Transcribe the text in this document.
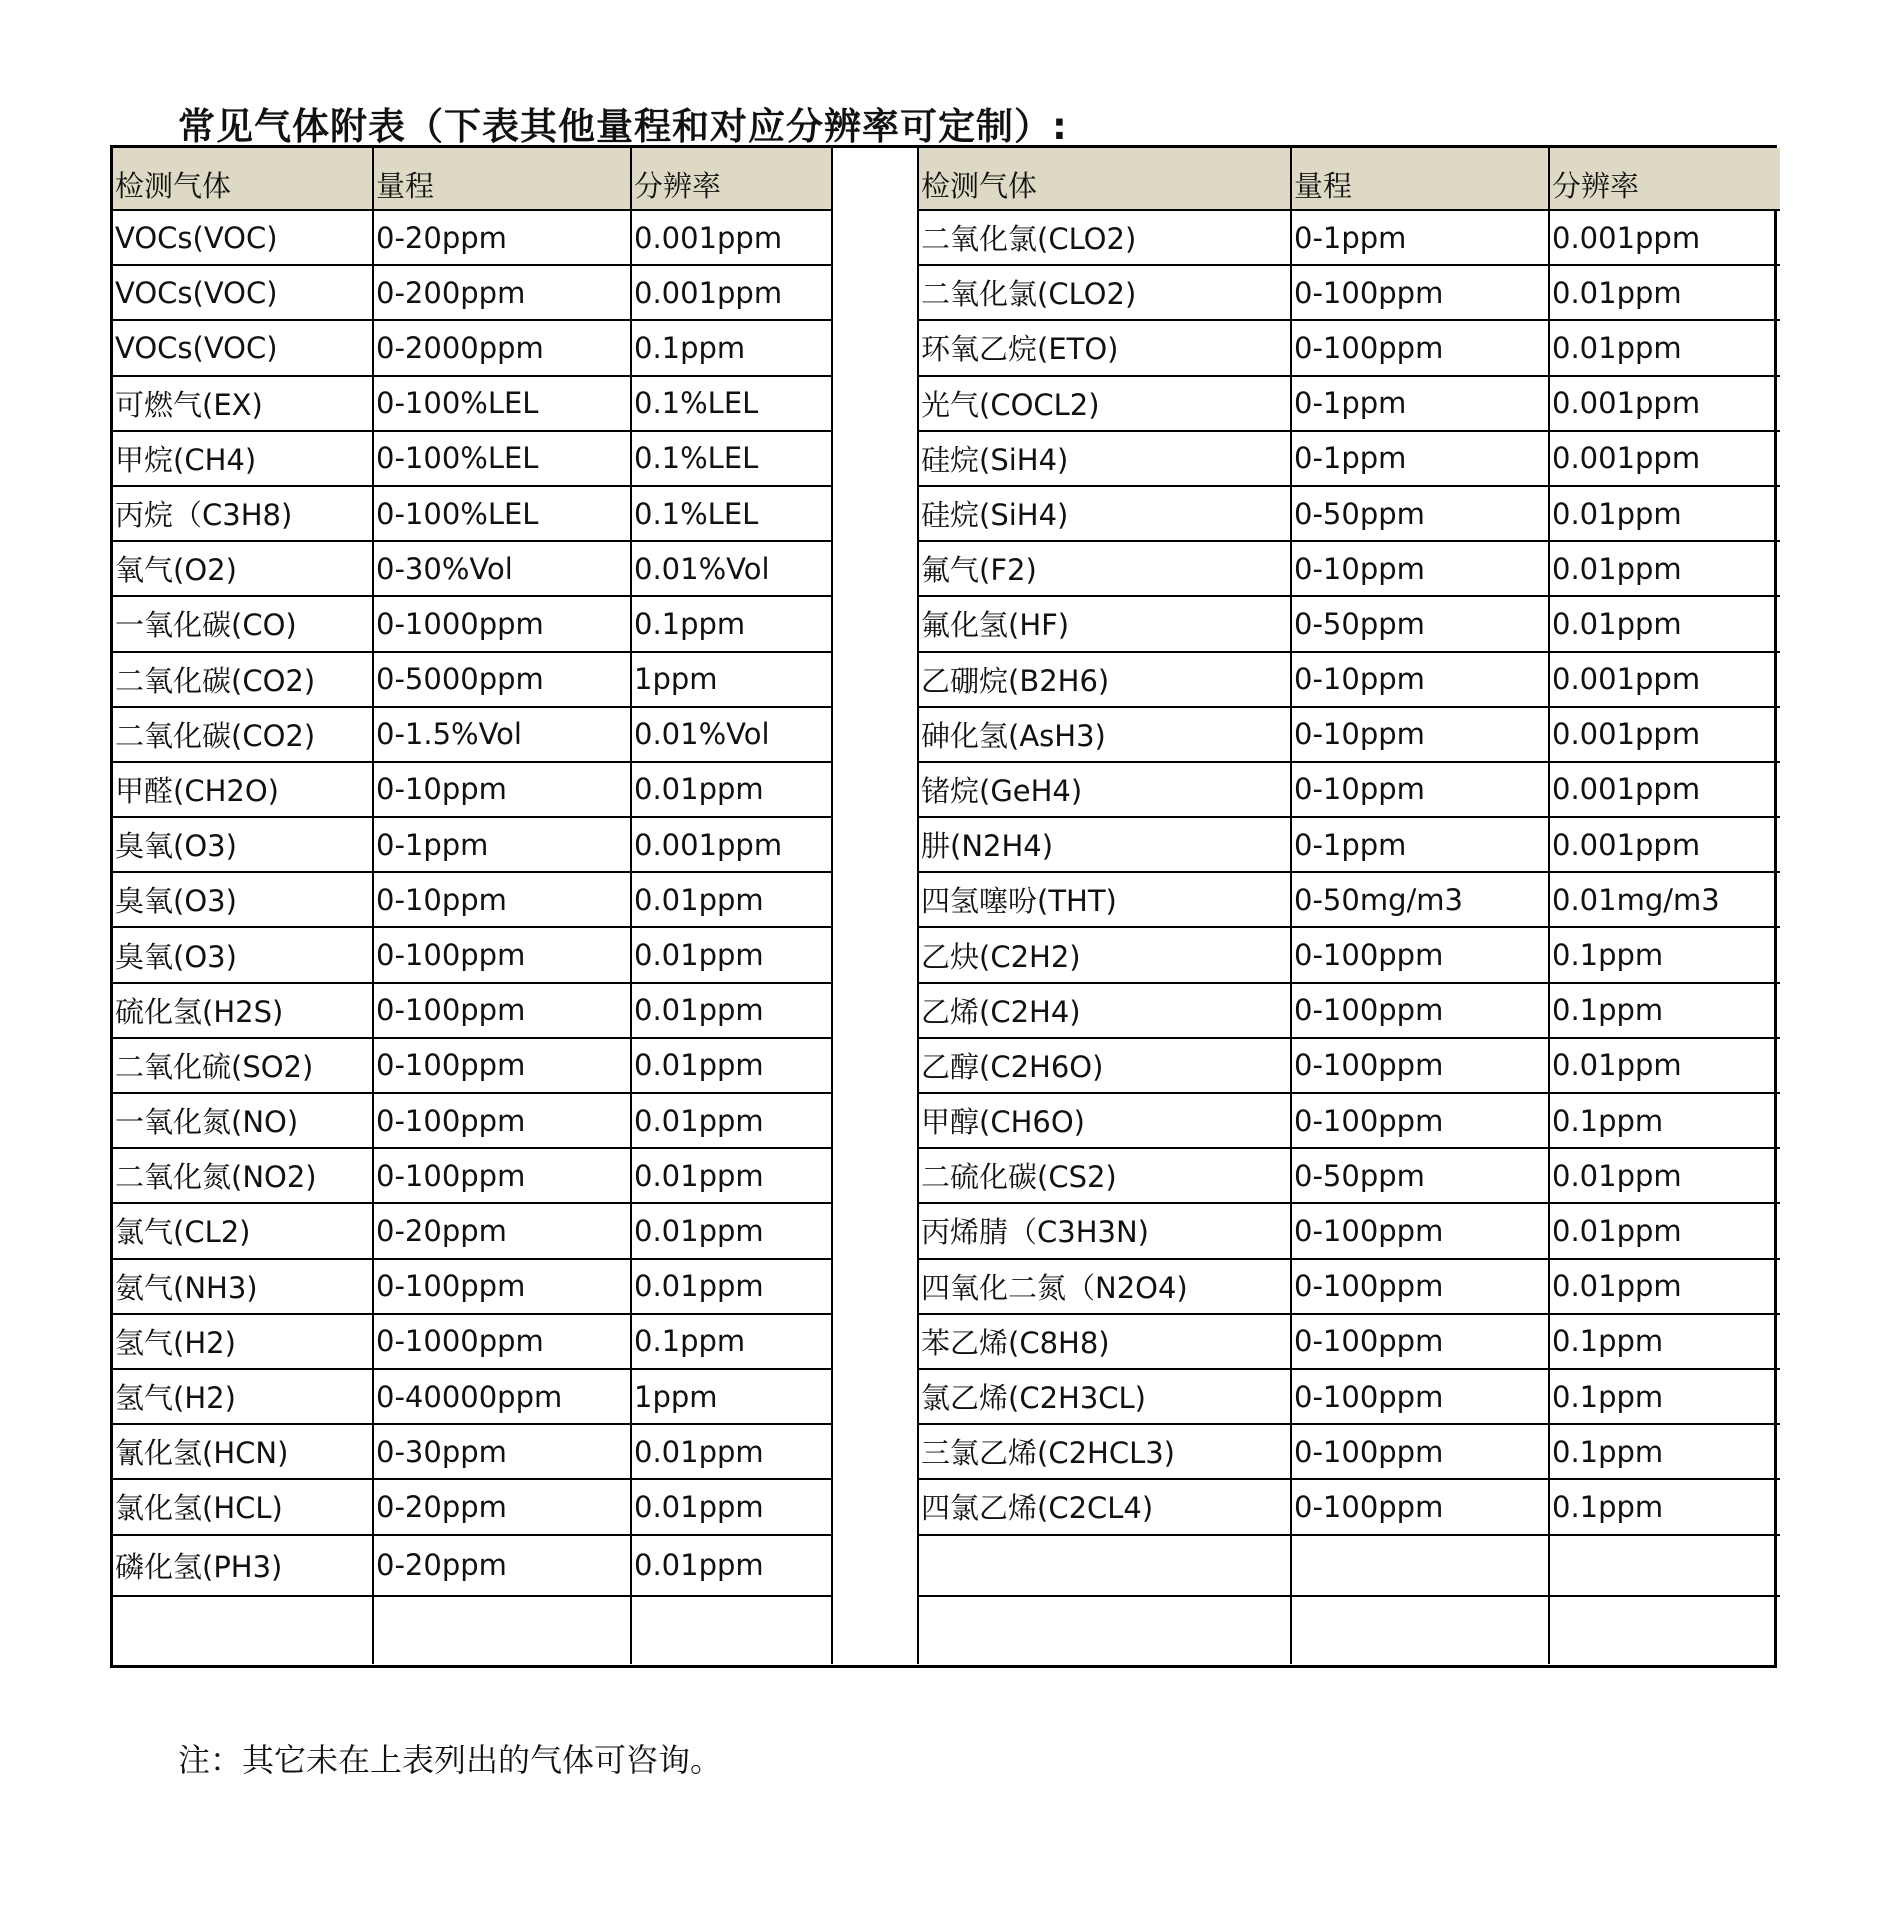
常见气体附表（下表其他量程和对应分辨率可定制）:
检测气体	量程	分辨率
VOCs(VOC)	0-20ppm	0.001ppm
VOCs(VOC)	0-200ppm	0.001ppm
VOCs(VOC)	0-2000ppm	0.1ppm
可燃气(EX)	0-100%LEL	0.1%LEL
甲烷(CH4)	0-100%LEL	0.1%LEL
丙烷（C3H8)	0-100%LEL	0.1%LEL
氧气(O2)	0-30%Vol	0.01%Vol
一氧化碳(CO)	0-1000ppm	0.1ppm
二氧化碳(CO2)	0-5000ppm	1ppm
二氧化碳(CO2)	0-1.5%Vol	0.01%Vol
甲醛(CH2O)	0-10ppm	0.01ppm
臭氧(O3)	0-1ppm	0.001ppm
臭氧(O3)	0-10ppm	0.01ppm
臭氧(O3)	0-100ppm	0.01ppm
硫化氢(H2S)	0-100ppm	0.01ppm
二氧化硫(SO2)	0-100ppm	0.01ppm
一氧化氮(NO)	0-100ppm	0.01ppm
二氧化氮(NO2)	0-100ppm	0.01ppm
氯气(CL2)	0-20ppm	0.01ppm
氨气(NH3)	0-100ppm	0.01ppm
氢气(H2)	0-1000ppm	0.1ppm
氢气(H2)	0-40000ppm	1ppm
氰化氢(HCN)	0-30ppm	0.01ppm
氯化氢(HCL)	0-20ppm	0.01ppm
磷化氢(PH3)	0-20ppm	0.01ppm
检测气体	量程	分辨率
二氧化氯(CLO2)	0-1ppm	0.001ppm
二氧化氯(CLO2)	0-100ppm	0.01ppm
环氧乙烷(ETO)	0-100ppm	0.01ppm
光气(COCL2)	0-1ppm	0.001ppm
硅烷(SiH4)	0-1ppm	0.001ppm
硅烷(SiH4)	0-50ppm	0.01ppm
氟气(F2)	0-10ppm	0.01ppm
氟化氢(HF)	0-50ppm	0.01ppm
乙硼烷(B2H6)	0-10ppm	0.001ppm
砷化氢(AsH3)	0-10ppm	0.001ppm
锗烷(GeH4)	0-10ppm	0.001ppm
肼(N2H4)	0-1ppm	0.001ppm
四氢噻吩(THT)	0-50mg/m3	0.01mg/m3
乙炔(C2H2)	0-100ppm	0.1ppm
乙烯(C2H4)	0-100ppm	0.1ppm
乙醇(C2H6O)	0-100ppm	0.01ppm
甲醇(CH6O)	0-100ppm	0.1ppm
二硫化碳(CS2)	0-50ppm	0.01ppm
丙烯腈（C3H3N)	0-100ppm	0.01ppm
四氧化二氮（N2O4)	0-100ppm	0.01ppm
苯乙烯(C8H8)	0-100ppm	0.1ppm
氯乙烯(C2H3CL)	0-100ppm	0.1ppm
三氯乙烯(C2HCL3)	0-100ppm	0.1ppm
四氯乙烯(C2CL4)	0-100ppm	0.1ppm
注：其它未在上表列出的气体可咨询。
